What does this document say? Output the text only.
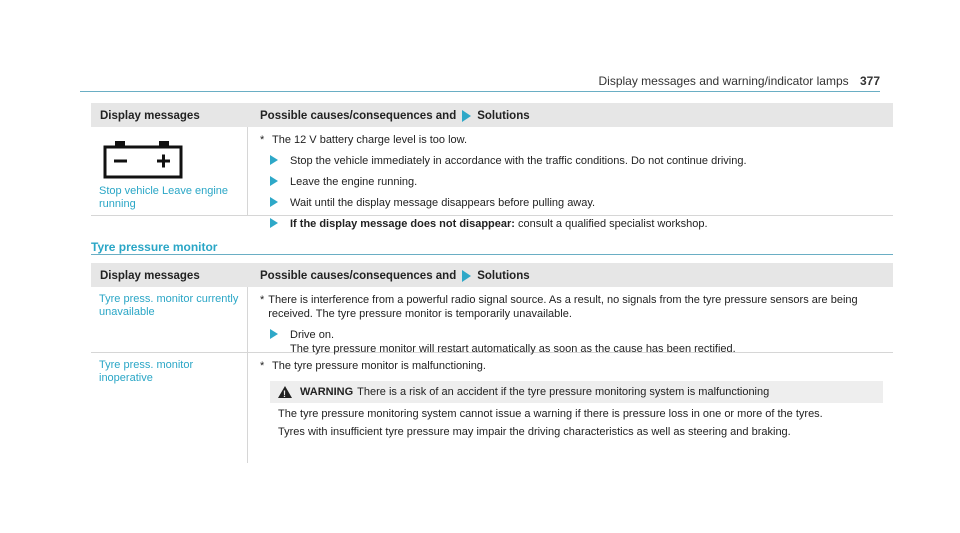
Display messages and warning/indicator lamps 377
Display messages	Possible causes/consequences and Solutions
Stop vehicle Leave engine running
* The 12 V battery charge level is too low.
Stop the vehicle immediately in accordance with the traffic conditions. Do not continue driving.
Leave the engine running.
Wait until the display message disappears before pulling away.
If the display message does not disappear: consult a qualified specialist workshop.
Tyre pressure monitor
Display messages	Possible causes/consequences and Solutions
Tyre press. monitor currently unavailable
* There is interference from a powerful radio signal source. As a result, no signals from the tyre pressure sensors are being received. The tyre pressure monitor is temporarily unavailable.
Drive on.
The tyre pressure monitor will restart automatically as soon as the cause has been rectified.
Tyre press. monitor inoperative
* The tyre pressure monitor is malfunctioning.
!
WARNING There is a risk of an accident if the tyre pressure monitoring system is malfunctioning
The tyre pressure monitoring system cannot issue a warning if there is pressure loss in one or more of the tyres.
Tyres with insufficient tyre pressure may impair the driving characteristics as well as steering and braking.
